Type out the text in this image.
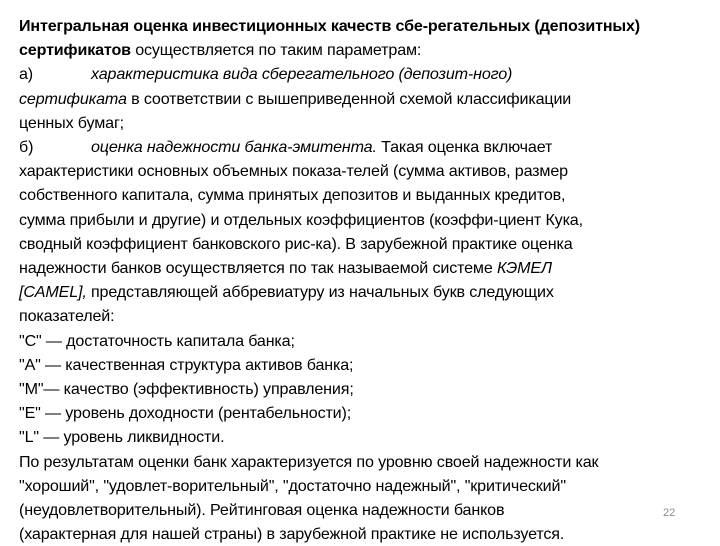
Интегральная оценка инвестиционных качеств сбе-регательных (депозитных)
сертификатов осуществляется по таким параметрам:
а)	характеристика вида сберегательного (депозит-ного)
сертификата в соответствии с вышеприведенной схемой классификации
ценных бумаг;
б)	оценка надежности банка-эмитента. Такая оценка включает
характеристики основных объемных показа-телей (сумма активов, размер
собственного капитала, сумма принятых депозитов и выданных кредитов,
сумма прибыли и другие) и отдельных коэффициентов (коэффи-циент Кука,
сводный коэффициент банковского рис-ка). В зарубежной практике оценка
надежности банков осуществляется по так называемой системе КЭМЕЛ
[CAMEL], представляющей аббревиатуру из начальных букв следующих
показателей:
"C" — достаточность капитала банка;
"А" — качественная структура активов банка;
"M"— качество (эффективность) управления;
"E" — уровень доходности (рентабельности);
"L" — уровень ликвидности.
По результатам оценки банк характеризуется по уровню своей надежности как
"хороший", "удовлет-ворительный", "достаточно надежный", "критический"
(неудовлетворительный). Рейтинговая оценка надежности банков
(характерная для нашей страны) в зарубежной практике не используется.
22
